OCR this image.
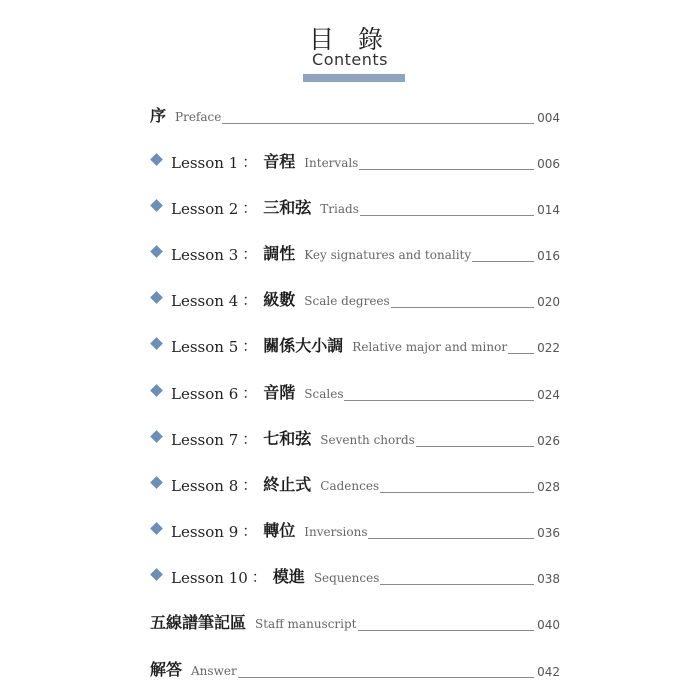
目 錄
Contents
序 Preface	004
Lesson 1 ： 音程 Intervals	006
Lesson 2 ： 三和弦 Triads	014
Lesson 3 ： 調性 Key signatures and tonality	016
Lesson 4 ： 級數 Scale degrees	020
Lesson 5 ： 關係大小調 Relative major and minor	022
Lesson 6 ： 音階 Scales	024
Lesson 7 ： 七和弦 Seventh chords	026
Lesson 8 ： 終止式 Cadences	028
Lesson 9 ： 轉位 Inversions	036
Lesson 10 ： 模進 Sequences	038
五線譜筆記區 Staff manuscript	040
解答 Answer	042
